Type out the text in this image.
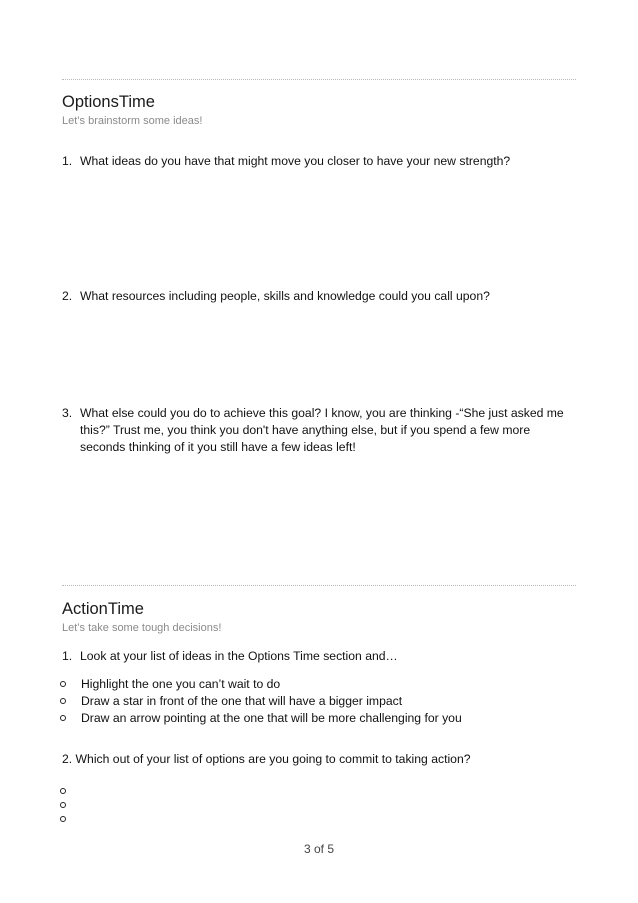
OptionsTime
Let’s brainstorm some ideas!
1. What ideas do you have that might move you closer to have your new strength?
2. What resources including people, skills and knowledge could you call upon?
3. What else could you do to achieve this goal? I know, you are thinking -“She just asked me this?” Trust me, you think you don't have anything else, but if you spend a few more seconds thinking of it you still have a few ideas left!
ActionTime
Let’s take some tough decisions!
1. Look at your list of ideas in the Options Time section and…
Highlight the one you can’t wait to do
Draw a star in front of the one that will have a bigger impact
Draw an arrow pointing at the one that will be more challenging for you
2. Which out of your list of options are you going to commit to taking action?
3 of 5
